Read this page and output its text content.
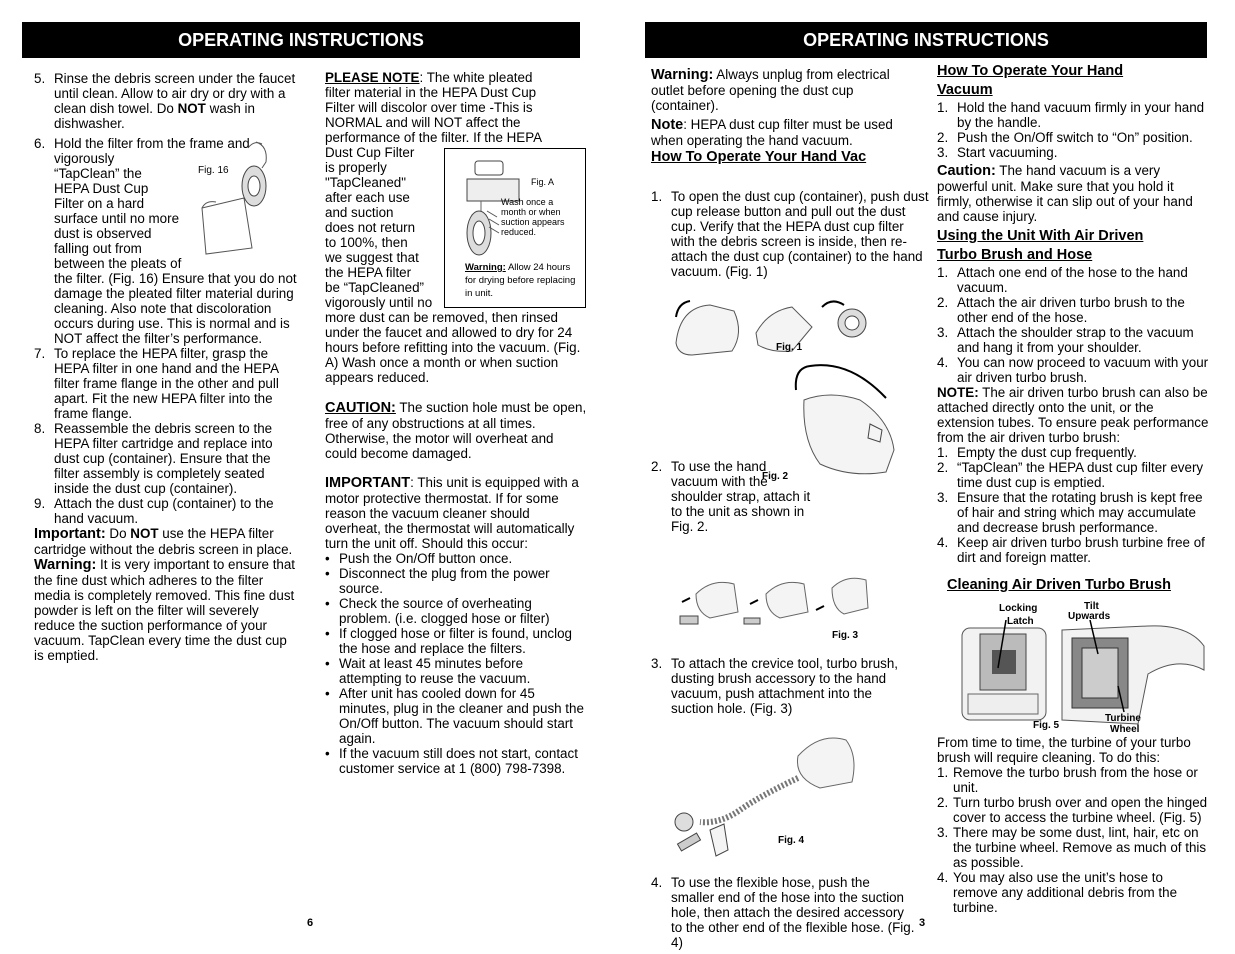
OPERATING INSTRUCTIONS	OPERATING INSTRUCTIONS
5. Rinse the debris screen under the faucet until clean. Allow to air dry or dry with a clean dish towel. Do NOT wash in dishwasher.
6. Hold the filter from the frame and
vigorously
“TapClean” the
HEPA Dust Cup
Filter on a hard
surface until no more
dust is observed
falling out from
between the pleats of
the filter. (Fig. 16) Ensure that you do not damage the pleated filter material during cleaning. Also note that discoloration occurs during use. This is normal and is NOT affect the filter’s performance.
7. To replace the HEPA filter, grasp the HEPA filter in one hand and the HEPA filter frame flange in the other and pull apart. Fit the new HEPA filter into the frame flange.
8. Reassemble the debris screen to the HEPA filter cartridge and replace into dust cup (container). Ensure that the filter assembly is completely seated inside the dust cup (container).
9. Attach the dust cup (container) to the hand vacuum.

Important: Do NOT use the HEPA filter cartridge without the debris screen in place.

Warning: It is very important to ensure that the fine dust which adheres to the filter media is completely removed. This fine dust powder is left on the filter will severely reduce the suction performance of your vacuum. TapClean every time the dust cup is emptied.

Fig. 16
6
PLEASE NOTE: The white pleated
filter material in the HEPA Dust Cup
Filter will discolor over time -This is
NORMAL and will NOT affect the
performance of the filter. If the HEPA
Dust Cup Filter
is properly
"TapCleaned"
after each use
and suction
does not return
to 100%, then
we suggest that
the HEPA filter
be “TapCleaned”
vigorously until no
more dust can be removed, then rinsed under the faucet and allowed to dry for 24 hours before refitting into the vacuum. (Fig. A) Wash once a month or when suction appears reduced.

CAUTION: The suction hole must be open, free of any obstructions at all times. Otherwise, the motor will overheat and could become damaged.

IMPORTANT: This unit is equipped with a motor protective thermostat. If for some reason the vacuum cleaner should overheat, the thermostat will automatically turn the unit off. Should this occur:

• Push the On/Off button once.
• Disconnect the plug from the power source.
• Check the source of overheating problem. (i.e. clogged hose or filter)
• If clogged hose or filter is found, unclog the hose and replace the filters.
• Wait at least 45 minutes before attempting to reuse the vacuum.
• After unit has cooled down for 45 minutes, plug in the cleaner and push the On/Off button. The vacuum should start again.
• If the vacuum still does not start, contact customer service at 1 (800) 798-7398.
Fig. A
Wash once a month or when suction appears reduced.
Warning: Allow 24 hours for drying before replacing in unit.

Warning: Always unplug from electrical outlet before opening the dust cup (container).

Note: HEPA dust cup filter must be used when operating the hand vacuum.

How To Operate Your Hand Vac
1. To open the dust cup (container), push dust cup release button and pull out the dust cup. Verify that the HEPA dust cup filter with the debris screen is inside, then re-attach the dust cup (container) to the hand vacuum. (Fig. 1)
Fig. 1
2. To use the hand vacuum with the shoulder strap, attach it to the unit as shown in Fig. 2.
Fig. 2
3. To attach the crevice tool, turbo brush, dusting brush accessory to the hand vacuum, push attachment into the suction hole. (Fig. 3)
Fig. 3
4. To use the flexible hose, push the smaller end of the hose into the suction hole, then attach the desired accessory to the other end of the flexible hose. (Fig. 4)
Fig. 4
3
How To Operate Your Hand
Vacuum
1. Hold the hand vacuum firmly in your hand by the handle.
2. Push the On/Off switch to “On” position.
3. Start vacuuming.

Caution: The hand vacuum is a very powerful unit. Make sure that you hold it firmly, otherwise it can slip out of your hand and cause injury.

Using the Unit With Air Driven
Turbo Brush and Hose
1. Attach one end of the hose to the hand vacuum.
2. Attach the air driven turbo brush to the other end of the hose.
3. Attach the shoulder strap to the vacuum and hang it from your shoulder.
4. You can now proceed to vacuum with your air driven turbo brush.

NOTE: The air driven turbo brush can also be attached directly onto the unit, or the extension tubes. To ensure peak performance from the air driven turbo brush:

1. Empty the dust cup frequently.
2. “TapClean” the HEPA dust cup filter every time dust cup is emptied.
3. Ensure that the rotating brush is kept free of hair and string which may accumulate and decrease brush performance.
4. Keep air driven turbo brush turbine free of dirt and foreign matter.
Cleaning Air Driven Turbo Brush
Locking
Latch
Tilt
Upwards
Fig. 5
Turbine
Wheel

From time to time, the turbine of your turbo brush will require cleaning. To do this:

1. Remove the turbo brush from the hose or unit.
2. Turn turbo brush over and open the hinged cover to access the turbine wheel. (Fig. 5)
3. There may be some dust, lint, hair, etc on the turbine wheel. Remove as much of this as possible.
4. You may also use the unit’s hose to remove any additional debris from the turbine.
